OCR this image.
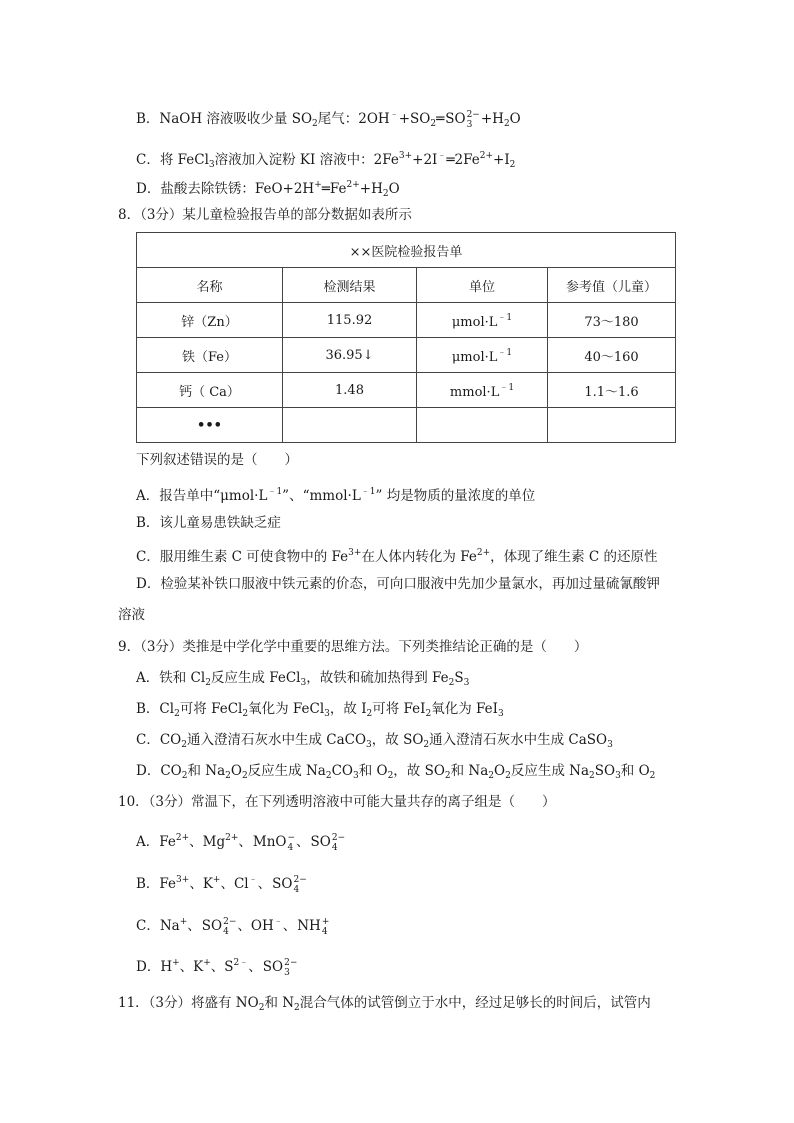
B．NaOH 溶液吸收少量 $SO_2$尾气：$2OH^﹣+SO_2═SO$ 2−
$3 +H_2O$
C．将 FeCl$_3$溶液加入淀粉 KI 溶液中：$2Fe^{3+}+2I^﹣═2Fe^{2+}+I_2$
D．盐酸去除铁锈：$FeO+2H^+═Fe^{2+}+H_2O$
8．（3分）某儿童检验报告单的部分数据如表所示
××医院检验报告单			
名称	检测结果	单位	参考值（儿童）
锌（Zn）	115.92	$\mu mol\cdot L^{﹣1}$	73～180
铁（Fe）	36.95↓	$\mu mol\cdot L^{﹣1}$	40～160
钙（ Ca）	1.48	$mmol\cdot L^{﹣1}$	1.1～1.6
•••			
下列叙述错误的是（　　）
A．报告单中“$\mu mol\cdot L^{﹣1}$”、“$mmol\cdot L^{﹣1}$” 均是物质的量浓度的单位
B．该儿童易患铁缺乏症
C．服用维生素 C 可使食物中的 $Fe^{3+}$在人体内转化为 $Fe^{2+}$，体现了维生素 C 的还原性
D．检验某补铁口服液中铁元素的价态，可向口服液中先加少量氯水，再加过量硫氰酸钾
溶液
9．（3分）类推是中学化学中重要的思维方法。下列类推结论正确的是（　　）
A．铁和 $Cl_2$反应生成 FeCl$_3$，故铁和硫加热得到 $Fe_2S_3$
B．$Cl_2$可将 FeCl$_2$氧化为 FeCl$_3$，故 $I_2$可将 FeI$_2$氧化为 FeI$_3$
C．$CO_2$通入澄清石灰水中生成 CaCO$_3$，故 $SO_2$通入澄清石灰水中生成 CaSO$_3$
D．$CO_2$和 $Na_2O_2$反应生成 $Na_2CO_3$和 $O_2$，故 $SO_2$和 $Na_2O_2$反应生成 $Na_2SO_3$和 $O_2$
10．（3分）常温下，在下列透明溶液中可能大量共存的离子组是（　　）
A．$Fe^{2+}$、$Mg^{2+}$、MnO −
4 、SO 2−
4
B．$Fe^{3+}$、K+、Cl﹣、SO 2−
4
C．Na+、SO 2−
4 、OH﹣、NH +
4
D．H+、K+、$S^{2﹣}$、SO 2−
3
11．（3分）将盛有 $NO_2$和 $N_2$混合气体的试管倒立于水中，经过足够长的时间后，试管内
